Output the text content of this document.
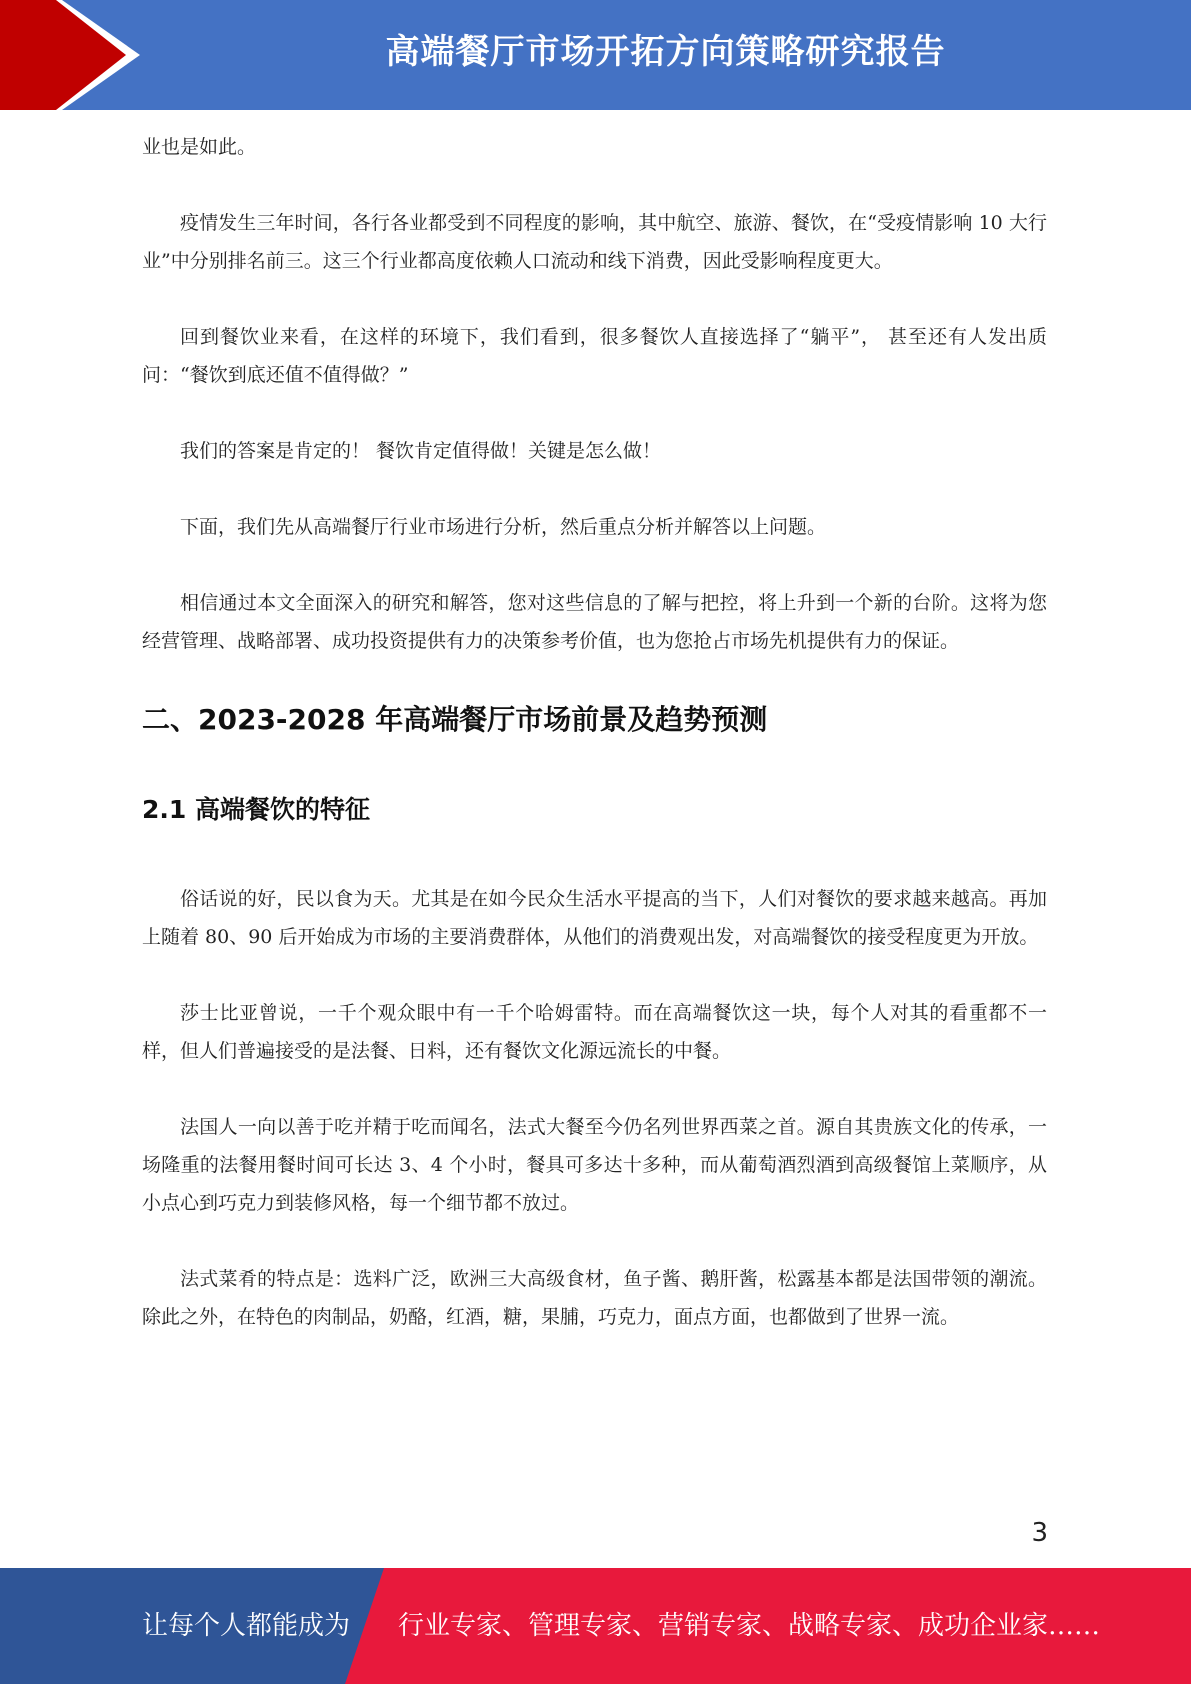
高端餐厅市场开拓方向策略研究报告

业也是如此。

疫情发生三年时间，各行各业都受到不同程度的影响，其中航空、旅游、餐饮，在“受疫情影响 10 大行业”中分别排名前三。这三个行业都高度依赖人口流动和线下消费，因此受影响程度更大。

回到餐饮业来看，在这样的环境下，我们看到，很多餐饮人直接选择了“躺平”， 甚至还有人发出质问：“餐饮到底还值不值得做？”

我们的答案是肯定的！ 餐饮肯定值得做！关键是怎么做！

下面，我们先从高端餐厅行业市场进行分析，然后重点分析并解答以上问题。

相信通过本文全面深入的研究和解答，您对这些信息的了解与把控，将上升到一个新的台阶。这将为您经营管理、战略部署、成功投资提供有力的决策参考价值，也为您抢占市场先机提供有力的保证。

二、2023-2028 年高端餐厅市场前景及趋势预测
2.1 高端餐饮的特征

俗话说的好，民以食为天。尤其是在如今民众生活水平提高的当下，人们对餐饮的要求越来越高。再加上随着 80、90 后开始成为市场的主要消费群体，从他们的消费观出发，对高端餐饮的接受程度更为开放。

莎士比亚曾说，一千个观众眼中有一千个哈姆雷特。而在高端餐饮这一块，每个人对其的看重都不一样，但人们普遍接受的是法餐、日料，还有餐饮文化源远流长的中餐。

法国人一向以善于吃并精于吃而闻名，法式大餐至今仍名列世界西菜之首。源自其贵族文化的传承，一场隆重的法餐用餐时间可长达 3、4 个小时，餐具可多达十多种，而从葡萄酒烈酒到高级餐馆上菜顺序，从小点心到巧克力到装修风格，每一个细节都不放过。

法式菜肴的特点是：选料广泛，欧洲三大高级食材，鱼子酱、鹅肝酱，松露基本都是法国带领的潮流。除此之外，在特色的肉制品，奶酪，红酒，糖，果脯，巧克力，面点方面，也都做到了世界一流。

3
让每个人都能成为 行业专家、管理专家、营销专家、战略专家、成功企业家……
